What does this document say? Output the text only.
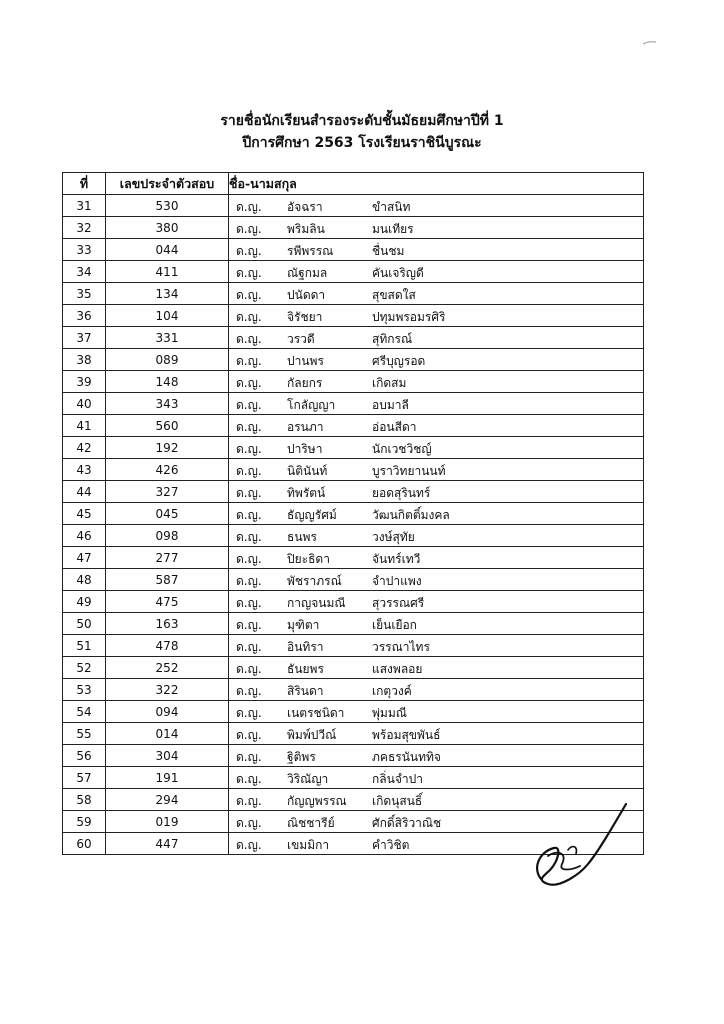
รายชื่อนักเรียนสำรองระดับชั้นมัธยมศึกษาปีที่ 1
ปีการศึกษา 2563 โรงเรียนราชินีบูรณะ
ที่	เลขประจำตัวสอบ	ชื่อ-นามสกุล
31	530	ด.ญ. อัจฉรา ขำสนิท

32	380	ด.ญ. พริมลิน มนเทียร

33	044	ด.ญ. รพีพรรณ ชื่นชม

34	411	ด.ญ. ณัฐกมล คันเจริญดี

35	134	ด.ญ. ปนัดดา สุขสดใส

36	104	ด.ญ. จิรัชยา ปทุมพรอมรศิริ

37	331	ด.ญ. วรวดี สุทิกรณ์

38	089	ด.ญ. ปานพร ศรีบุญรอด

39	148	ด.ญ. กัลยกร เกิดสม

40	343	ด.ญ. โกลัญญา อบมาลี

41	560	ด.ญ. อรนภา อ่อนสีดา

42	192	ด.ญ. ปาริษา นักเวชวิชญ์

43	426	ด.ญ. นิตินันท์ บูราวิทยานนท์

44	327	ด.ญ. ทิพรัตน์ ยอดสุรินทร์

45	045	ด.ญ. ธัญญรัศม์ วัฒนกิตติ์มงคล

46	098	ด.ญ. ธนพร วงษ์สุทัย

47	277	ด.ญ. ปิยะธิดา จันทร์เทวี

48	587	ด.ญ. พัชราภรณ์ จำปาแพง

49	475	ด.ญ. กาญจนมณี สุวรรณศรี

50	163	ด.ญ. มุฑิตา เย็นเยือก

51	478	ด.ญ. อินทิรา วรรณาไทร

52	252	ด.ญ. ธันยพร แสงพลอย

53	322	ด.ญ. สิรินดา เกตุวงค์

54	094	ด.ญ. เนตรชนิดา พุ่มมณี

55	014	ด.ญ. พิมพ์ปวีณ์ พร้อมสุขพันธ์

56	304	ด.ญ. ฐิติพร ภคธรนันททิจ

57	191	ด.ญ. วิริณัญา กลิ่นจำปา

58	294	ด.ญ. กัญญพรรณ เกิดนุสนธิ์

59	019	ด.ญ. ณิชชารีย์ ศักดิ์สิริวาณิช

60	447	ด.ญ. เขมมิกา คำวิชิต
